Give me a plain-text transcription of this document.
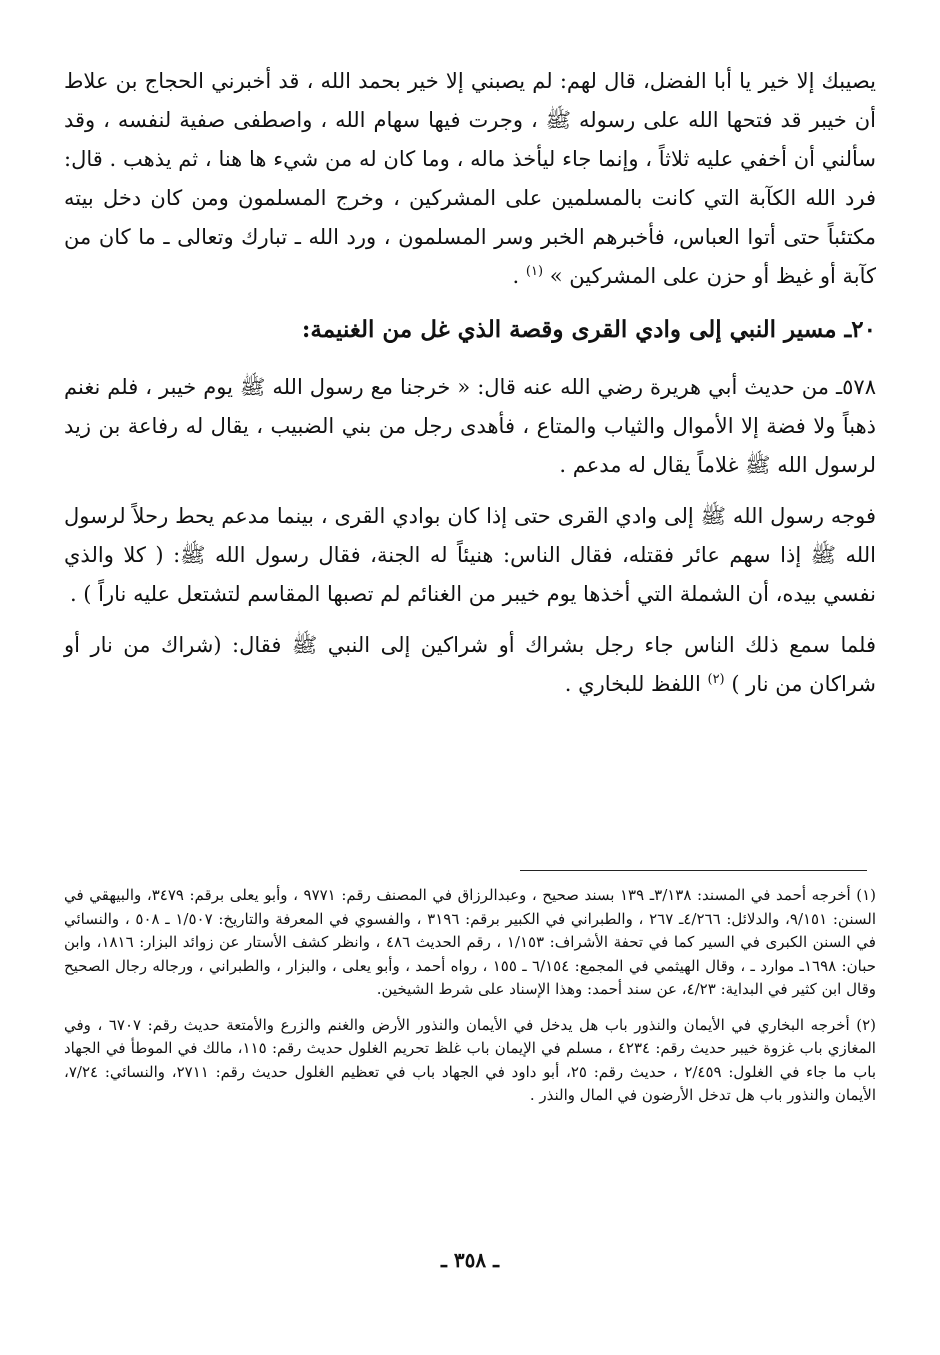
يصيبك إلا خير يا أبا الفضل، قال لهم: لم يصبني إلا خير بحمد الله ، قد أخبرني الحجاج بن علاط أن خيبر قد فتحها الله على رسوله ﷺ ، وجرت فيها سهام الله ، واصطفى صفية لنفسه ، وقد سألني أن أخفي عليه ثلاثاً ، وإنما جاء ليأخذ ماله ، وما كان له من شيء ها هنا ، ثم يذهب . قال: فرد الله الكآبة التي كانت بالمسلمين على المشركين ، وخرج المسلمون ومن كان دخل بيته مكتئباً حتى أتوا العباس، فأخبرهم الخبر وسر المسلمون ، ورد الله ـ تبارك وتعالى ـ ما كان من كآبة أو غيظ أو حزن على المشركين » $^{(١)}$ .

٢٠ـ مسير النبي إلى وادي القرى وقصة الذي غل من الغنيمة:

٥٧٨ـ من حديث أبي هريرة رضي الله عنه قال: « خرجنا مع رسول الله ﷺ يوم خيبر ، فلم نغنم ذهباً ولا فضة إلا الأموال والثياب والمتاع ، فأهدى رجل من بني الضبيب ، يقال له رفاعة بن زيد لرسول الله ﷺ غلاماً يقال له مدعم .

فوجه رسول الله ﷺ إلى وادي القرى حتى إذا كان بوادي القرى ، بينما مدعم يحط رحلاً لرسول الله ﷺ إذا سهم عائر فقتله، فقال الناس: هنيئاً له الجنة، فقال رسول الله ﷺ: ( كلا والذي نفسي بيده، أن الشملة التي أخذها يوم خيبر من الغنائم لم تصبها المقاسم لتشتعل عليه ناراً ) .

فلما سمع ذلك الناس جاء رجل بشراك أو شراكين إلى النبي ﷺ فقال: (شراك من نار أو شراكان من نار ) $^{(٢)}$ اللفظ للبخاري .

(١) أخرجه أحمد في المسند: ٣/١٣٨ـ ١٣٩ بسند صحيح ، وعبدالرزاق في المصنف رقم: ٩٧٧١ ، وأبو يعلى برقم: ٣٤٧٩، والبيهقي في السنن: ٩/١٥١، والدلائل: ٤/٢٦٦ـ ٢٦٧ ، والطبراني في الكبير برقم: ٣١٩٦ ، والفسوي في المعرفة والتاريخ: ١/٥٠٧ ـ ٥٠٨ ، والنسائي في السنن الكبرى في السير كما في تحفة الأشراف: ١/١٥٣ ، رقم الحديث ٤٨٦ ، وانظر كشف الأستار عن زوائد البزار: ١٨١٦، وابن حبان: ١٦٩٨ـ موارد ـ ، وقال الهيثمي في المجمع: ٦/١٥٤ ـ ١٥٥ ، رواه أحمد ، وأبو يعلى ، والبزار ، والطبراني ، ورجاله رجال الصحيح وقال ابن كثير في البداية: ٤/٢٣، عن سند أحمد: وهذا الإسناد على شرط الشيخين.

(٢) أخرجه البخاري في الأيمان والنذور باب هل يدخل في الأيمان والنذور الأرض والغنم والزرع والأمتعة حديث رقم: ٦٧٠٧ ، وفي المغازي باب غزوة خيبر حديث رقم: ٤٢٣٤ ، مسلم في الإيمان باب غلظ تحريم الغلول حديث رقم: ١١٥، مالك في الموطأ في الجهاد باب ما جاء في الغلول: ٢/٤٥٩ ، حديث رقم: ٢٥، أبو داود في الجهاد باب في تعظيم الغلول حديث رقم: ٢٧١١، والنسائي: ٧/٢٤، الأيمان والنذور باب هل تدخل الأرضون في المال والنذر .

ـ ٣٥٨ ـ
